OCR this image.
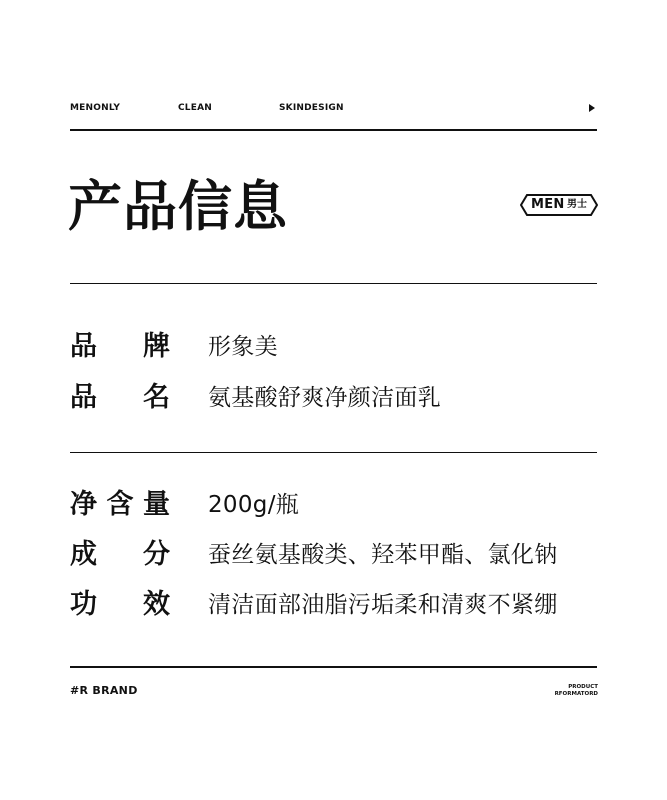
MENONLY	CLEAN	SKINDESIGN
产品信息	MEN 男士
品牌 形象美
品名 氨基酸舒爽净颜洁面乳
净含量 200g/瓶
成分 蚕丝氨基酸类、羟苯甲酯、氯化钠
功效 清洁面部油脂污垢柔和清爽不紧绷
#R BRAND	PRODUCT
RFORMATORD
